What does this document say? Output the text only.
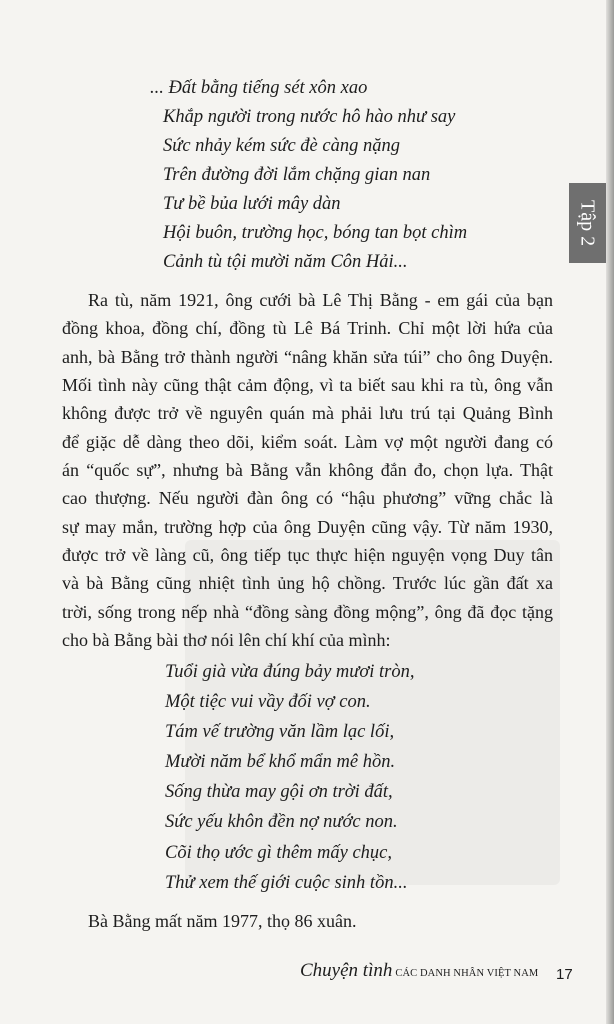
Tập 2
... Đất bằng tiếng sét xôn xao
Khắp người trong nước hô hào như say
Sức nhảy kém sức đè càng nặng
Trên đường đời lắm chặng gian nan
Tư bề bủa lưới mây dàn
Hội buôn, trường học, bóng tan bọt chìm
Cảnh tù tội mười năm Côn Hải...
Ra tù, năm 1921, ông cưới bà Lê Thị Bằng - em gái của bạn
đồng khoa, đồng chí, đồng tù Lê Bá Trinh. Chỉ một lời hứa của
anh, bà Bằng trở thành người “nâng khăn sửa túi” cho ông Duyện.
Mối tình này cũng thật cảm động, vì ta biết sau khi ra tù, ông vẫn
không được trở về nguyên quán mà phải lưu trú tại Quảng Bình
để giặc dễ dàng theo dõi, kiểm soát. Làm vợ một người đang có
án “quốc sự”, nhưng bà Bằng vẫn không đắn đo, chọn lựa. Thật
cao thượng. Nếu người đàn ông có “hậu phương” vững chắc là
sự may mắn, trường hợp của ông Duyện cũng vậy. Từ năm 1930,
được trở về làng cũ, ông tiếp tục thực hiện nguyện vọng Duy tân
và bà Bằng cũng nhiệt tình ủng hộ chồng. Trước lúc gần đất xa
trời, sống trong nếp nhà “đồng sàng đồng mộng”, ông đã đọc tặng
cho bà Bằng bài thơ nói lên chí khí của mình:
Tuổi già vừa đúng bảy mươi tròn,
Một tiệc vui vầy đối vợ con.
Tám vế trường văn lầm lạc lối,
Mười năm bể khổ mẩn mê hồn.
Sống thừa may gội ơn trời đất,
Sức yếu khôn đền nợ nước non.
Cõi thọ ước gì thêm mấy chục,
Thử xem thế giới cuộc sinh tồn...
Bà Bằng mất năm 1977, thọ 86 xuân.
Chuyện tình CÁC DANH NHÂN VIỆT NAM 17
